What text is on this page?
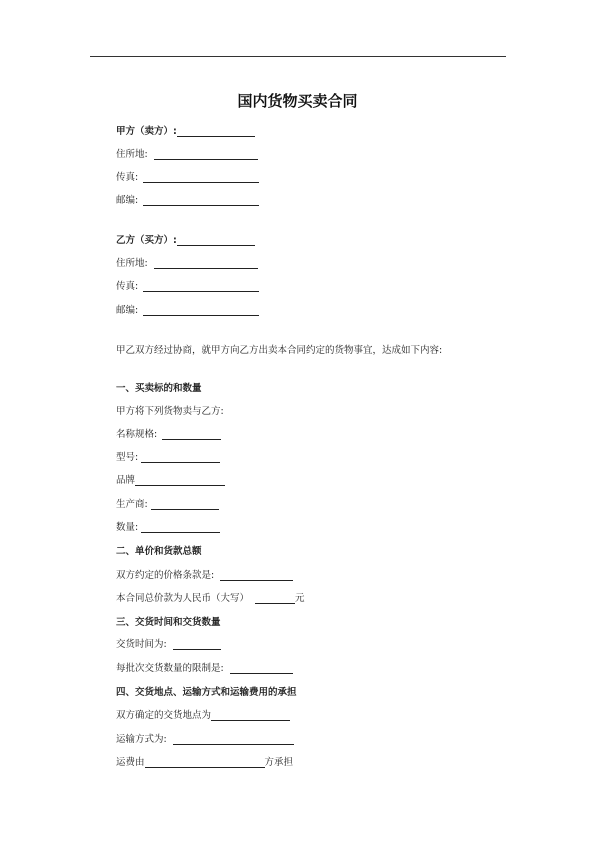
国内货物买卖合同
甲方（卖方）:
住所地:
传真:
邮编:
乙方（买方）:
住所地:
传真:
邮编:
甲乙双方经过协商，就甲方向乙方出卖本合同约定的货物事宜，达成如下内容:
一、买卖标的和数量
甲方将下列货物卖与乙方:
名称规格:
型号:
品牌
生产商:
数量:
二、单价和货款总额
双方约定的价格条款是:
本合同总价款为人民币（大写）	元
三、交货时间和交货数量
交货时间为:
每批次交货数量的限制是:
四、交货地点、运输方式和运输费用的承担
双方确定的交货地点为
运输方式为:
运费由	方承担
